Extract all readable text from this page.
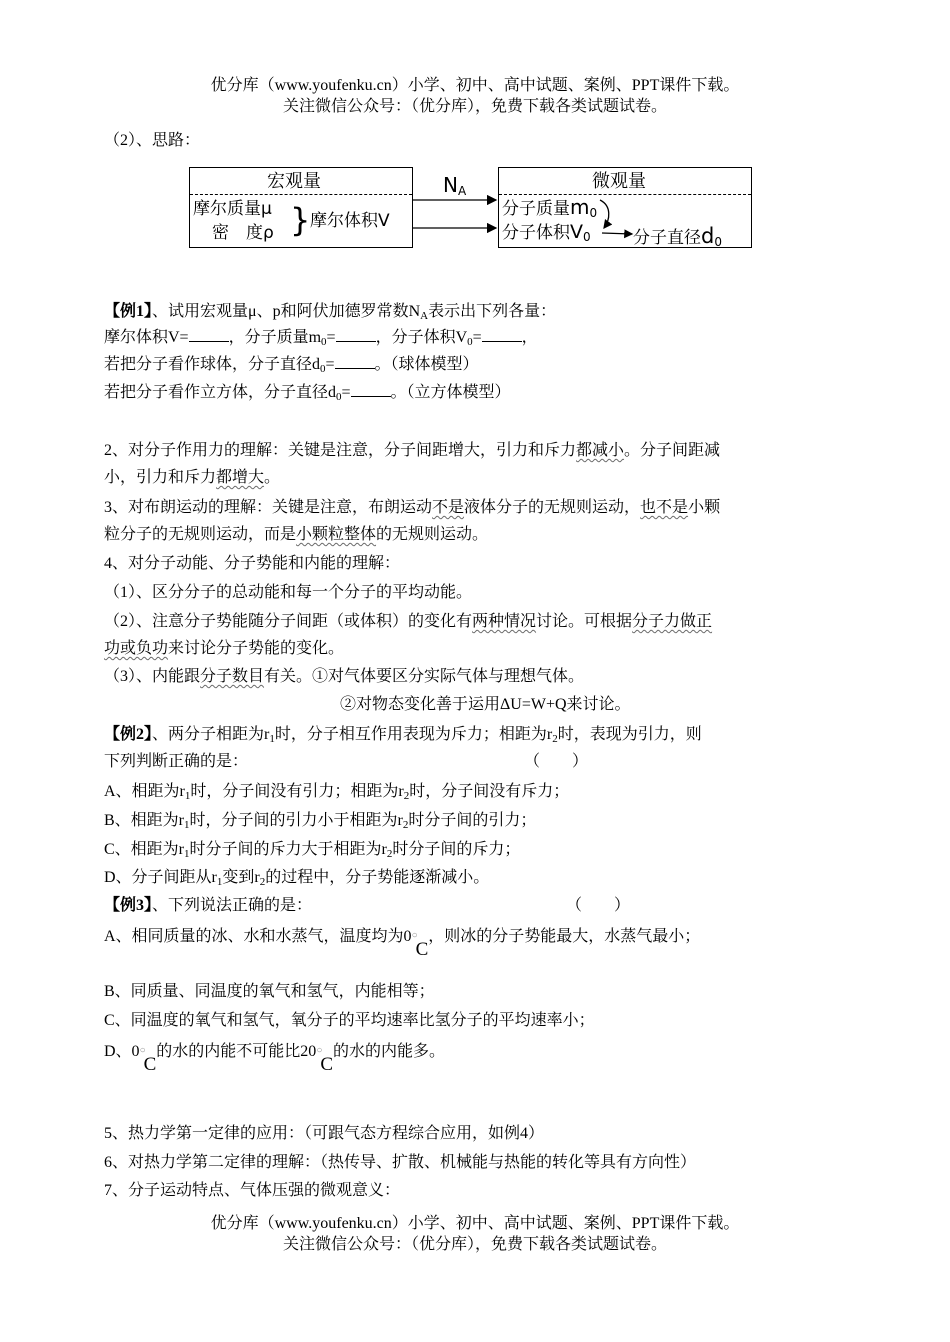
优分库（www.youfenku.cn）小学、初中、高中试题、案例、PPT课件下载。
关注微信公众号：（优分库），免费下载各类试题试卷。
（2）、思路：
宏观量
摩尔质量μ
密　度ρ } 摩尔体积V
$N_A$	微观量
分子质量$m_0$
分子体积$V_0$ 分子直径$d_0$
【例1】、试用宏观量μ、p和阿伏加德罗常数$N_A$表示出下列各量：
摩尔体积V=	，分子质量$m_0=$	，分子体积$V_0=$	，
若把分子看作球体，分子直径$d_0=$	。（球体模型）
若把分子看作立方体，分子直径$d_0=$	。（立方体模型）
2、对分子作用力的理解：关键是注意，分子间距增大，引力和斥力都减小。分子间距减
小，引力和斥力都增大。
3、对布朗运动的理解：关键是注意，布朗运动不是液体分子的无规则运动，也不是小颗
粒分子的无规则运动，而是小颗粒整体的无规则运动。
4、对分子动能、分子势能和内能的理解：
（1）、区分分子的总动能和每一个分子的平均动能。
（2）、注意分子势能随分子间距（或体积）的变化有两种情况讨论。可根据分子力做正
功或负功来讨论分子势能的变化。
（3）、内能跟分子数目有关。①对气体要区分实际气体与理想气体。
②对物态变化善于运用ΔU=W+Q来讨论。
【例2】、两分子相距为$r_1$时，分子相互作用表现为斥力；相距为$r_2$时，表现为引力，则
下列判断正确的是：	（　　）
A、相距为$r_1$时，分子间没有引力；相距为$r_2$时，分子间没有斥力；
B、相距为$r_1$时，分子间的引力小于相距为$r_2$时分子间的引力；
C、相距为$r_1$时分子间的斥力大于相距为$r_2$时分子间的斥力；
D、分子间距从$r_1$变到$r_2$的过程中，分子势能逐渐减小。
【例3】、下列说法正确的是：	（　　）
A、相同质量的冰、水和水蒸气，温度均为0○C，则冰的分子势能最大，水蒸气最小；
B、同质量、同温度的氧气和氢气，内能相等；
C、同温度的氧气和氢气，氧分子的平均速率比氢分子的平均速率小；
D、0○C的水的内能不可能比20○C的水的内能多。
5、热力学第一定律的应用：（可跟气态方程综合应用，如例4）
6、对热力学第二定律的理解：（热传导、扩散、机械能与热能的转化等具有方向性）
7、分子运动特点、气体压强的微观意义：
优分库（www.youfenku.cn）小学、初中、高中试题、案例、PPT课件下载。
关注微信公众号：（优分库），免费下载各类试题试卷。
